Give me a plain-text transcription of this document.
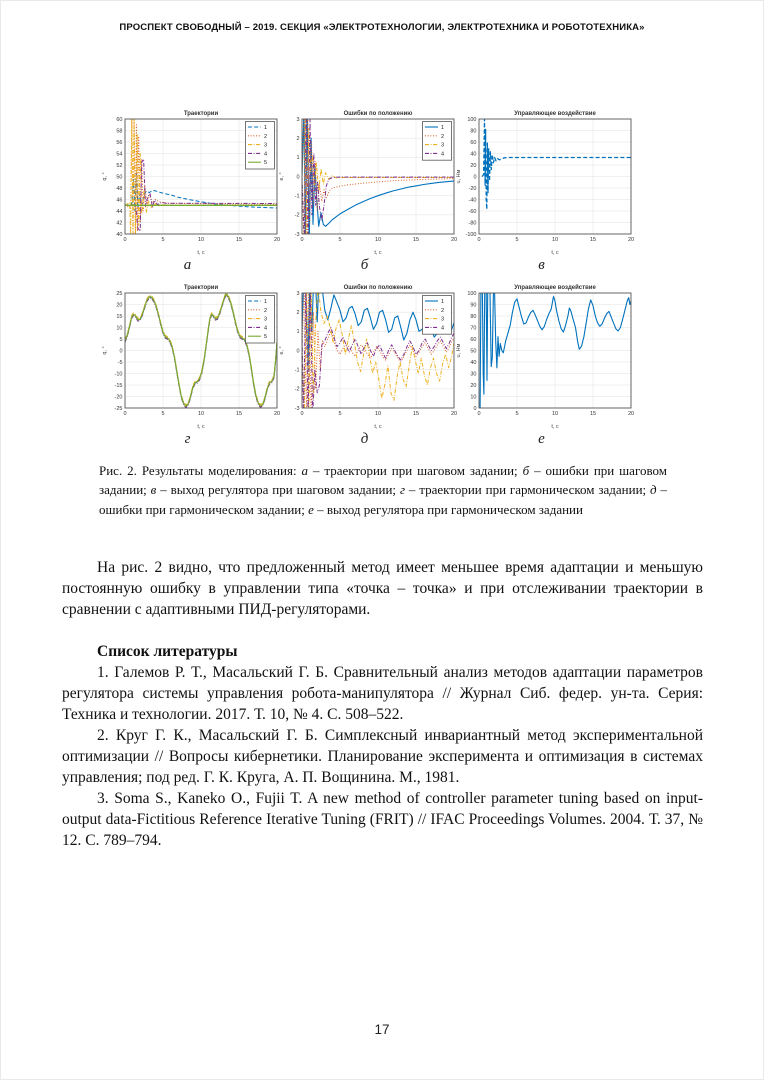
ПРОСПЕКТ СВОБОДНЫЙ – 2019. СЕКЦИЯ «ЭЛЕКТРОТЕХНОЛОГИИ, ЭЛЕКТРОТЕХНИКА И РОБОТОТЕХНИКА»
0	5	10	15	20
40
42
44
46
48
50
52
54
56
58
60
Траектории
t, с
q, °
1
2
3
4
5
а
0	5	10	15	20
-3
-2
-1
0
1
2
3
Ошибки по положению
t, с
e, °
1
2
3
4
б
0	5	10	15	20
-100
-80
-60
-40
-20
0
20
40
60
80
100
Управляющее воздействие
t, с
u, Нм
в
0	5	10	15	20
-25
-20
-15
-10
-5
0
5
10
15
20
25
Траектории
t, с
q, °
1
2
3
4
5
г
0	5	10	15	20
-3
-2
-1
0
1
2
3
Ошибки по положению
t, с
e, °
1
2
3
4
д
0	5	10	15	20
0
10
20
30
40
50
60
70
80
90
100
Управляющее воздействие
t, с
u, Нм
е
Рис. 2. Результаты моделирования: а – траектории при шаговом задании; б – ошибки при шаговом задании; в – выход регулятора при шаговом задании; г – траектории при гармоническом задании; д – ошибки при гармоническом задании; е – выход регулятора при гармоническом задании

На рис. 2 видно, что предложенный метод имеет меньшее время адаптации и меньшую постоянную ошибку в управлении типа «точка – точка» и при отслеживании траектории в сравнении с адаптивными ПИД-регуляторами.

Список литературы

1. Галемов Р. Т., Масальский Г. Б. Сравнительный анализ методов адаптации параметров регулятора системы управления робота-манипулятора // Журнал Сиб. федер. ун-та. Серия: Техника и технологии. 2017. Т. 10, № 4. С. 508–522.

2. Круг Г. К., Масальский Г. Б. Симплексный инвариантный метод экспериментальной оптимизации // Вопросы кибернетики. Планирование эксперимента и оптимизация в системах управления; под ред. Г. К. Круга, А. П. Вощинина. М., 1981.

3. Soma S., Kaneko O., Fujii T. A new method of controller parameter tuning based on input-output data-Fictitious Reference Iterative Tuning (FRIT) // IFAC Proceedings Volumes. 2004. Т. 37, № 12. С. 789–794.

17
